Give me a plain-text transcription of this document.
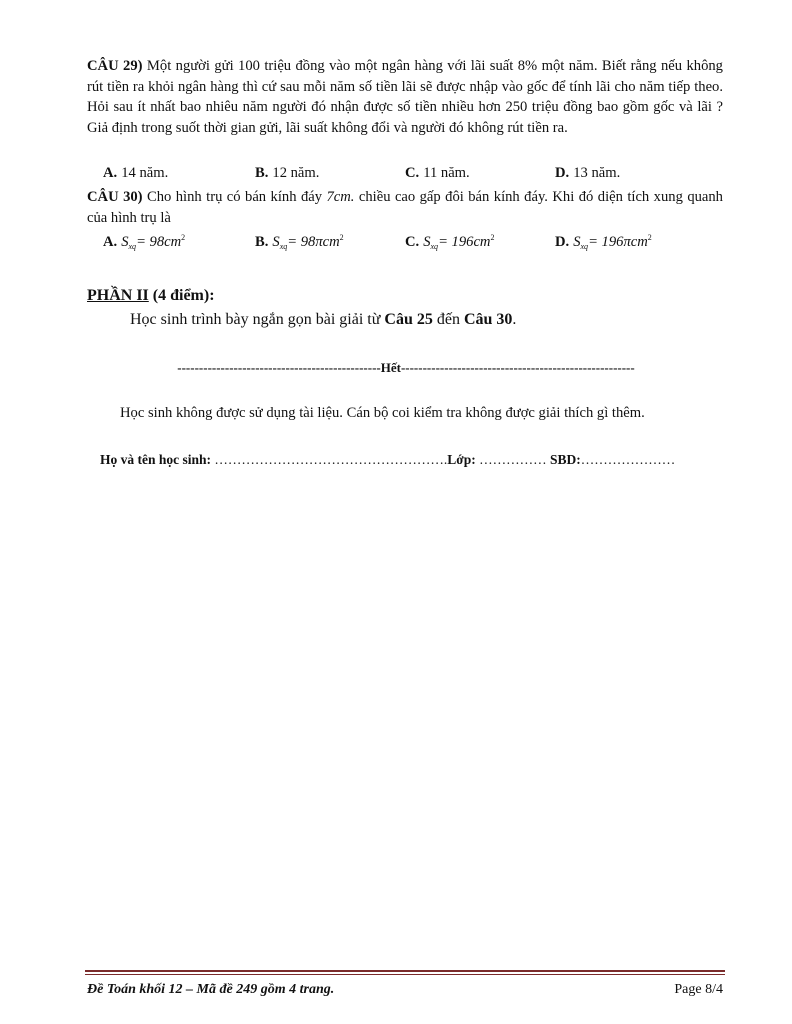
CÂU 29) Một người gửi 100 triệu đồng vào một ngân hàng với lãi suất 8% một năm. Biết rằng nếu không rút tiền ra khỏi ngân hàng thì cứ sau mỗi năm số tiền lãi sẽ được nhập vào gốc để tính lãi cho năm tiếp theo. Hỏi sau ít nhất bao nhiêu năm người đó nhận được số tiền nhiều hơn 250 triệu đồng bao gồm gốc và lãi ? Giả định trong suốt thời gian gửi, lãi suất không đổi và người đó không rút tiền ra.
A. 14 năm.	B. 12 năm.	C. 11 năm.	D. 13 năm.
CÂU 30) Cho hình trụ có bán kính đáy 7cm. chiều cao gấp đôi bán kính đáy. Khi đó diện tích xung quanh của hình trụ là
A. $S_{xq}= 98cm^2$	B. $S_{xq}= 98\pi cm^2$	C. $S_{xq}= 196cm^2$	D. $S_{xq}= 196\pi cm^2$
PHẦN II (4 điểm):
Học sinh trình bày ngắn gọn bài giải từ Câu 25 đến Câu 30.
-----------------------------------------------Hết------------------------------------------------------
Học sinh không được sử dụng tài liệu. Cán bộ coi kiểm tra không được giải thích gì thêm.
Họ và tên học sinh: …………………………………………….Lớp: …………… SBD:…………………
Đề Toán khối 12 – Mã đề 249 gồm 4 trang.	Page 8/4
